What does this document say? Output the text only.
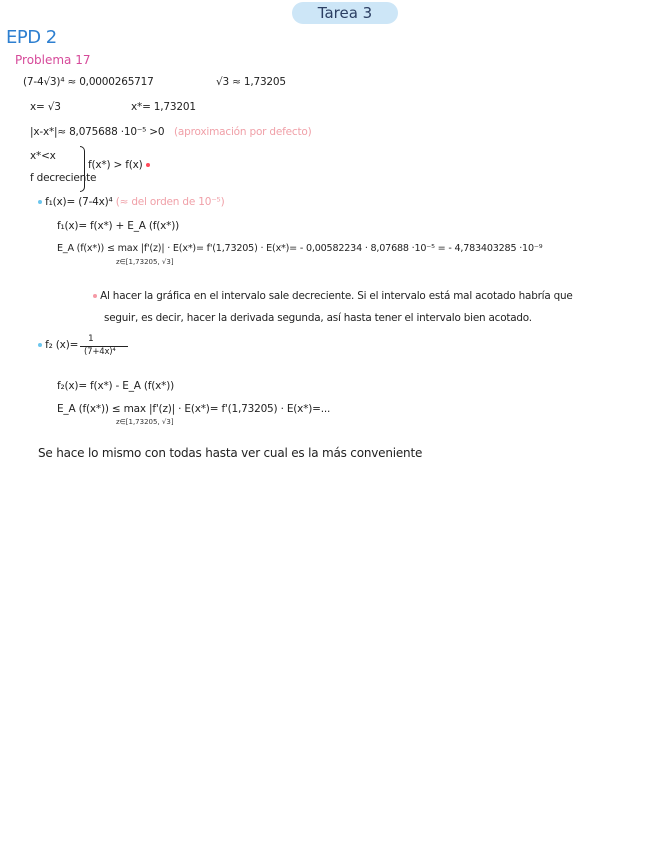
Tarea 3
EPD 2
Problema 17
(7-4√3)⁴ ≈ 0,0000265717	√3 ≈ 1,73205
x= √3	x*= 1,73201
|x-x*|≈ 8,075688 ·10⁻⁵ >0 (aproximación por defecto)
x*<x
f decreciente
f(x*) > f(x)
f₁(x)= (7-4x)⁴ (≈ del orden de 10⁻⁵)
f₁(x)= f(x*) + E_A (f(x*))
E_A (f(x*)) ≤ max |f'(z)| · E(x*)= f'(1,73205) · E(x*)= - 0,00582234 · 8,07688 ·10⁻⁵ = - 4,783403285 ·10⁻⁹
z∈[1,73205, √3]
Al hacer la gráfica en el intervalo sale decreciente. Si el intervalo está mal acotado habría que
seguir, es decir, hacer la derivada segunda, así hasta tener el intervalo bien acotado.
f₂ (x)= 1
(7+4x)⁴
f₂(x)= f(x*) - E_A (f(x*))
E_A (f(x*)) ≤ max |f'(z)| · E(x*)= f'(1,73205) · E(x*)=...
z∈[1,73205, √3]
Se hace lo mismo con todas hasta ver cual es la más conveniente
